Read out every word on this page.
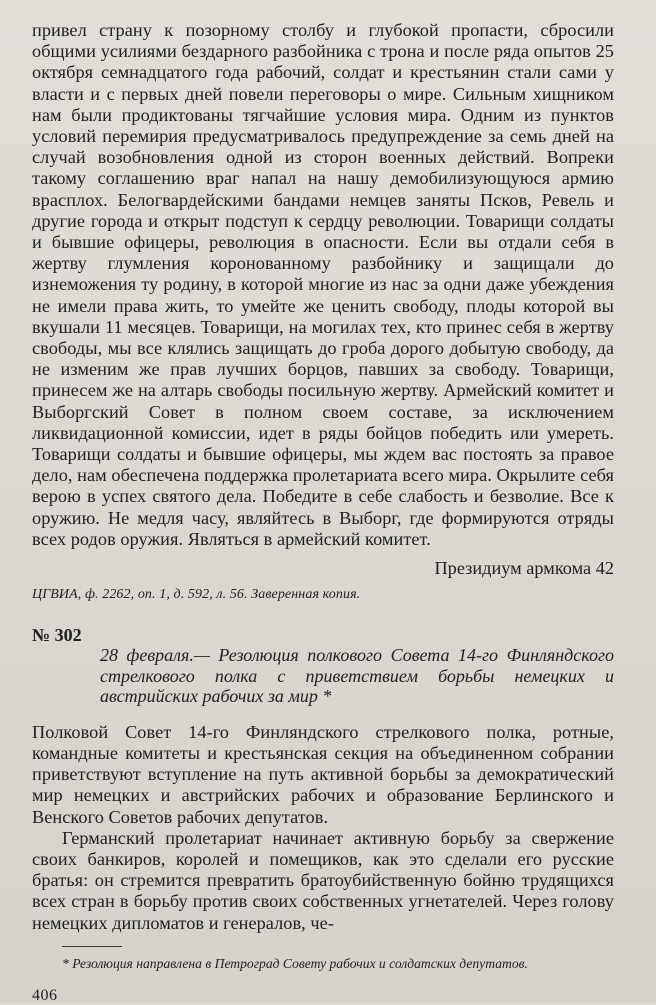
привел страну к позорному столбу и глубокой пропасти, сбросили общими усилиями бездарного разбойника с трона и после ряда опытов 25 октября семнадцатого года рабочий, солдат и крестьянин стали сами у власти и с первых дней повели переговоры о мире. Сильным хищником нам были продиктованы тягчайшие условия мира. Одним из пунктов условий перемирия предусматривалось предупреждение за семь дней на случай возобновления одной из сторон военных действий. Вопреки такому соглашению враг напал на нашу демобилизующуюся армию врасплох. Белогвардейскими бандами немцев заняты Псков, Ревель и другие города и открыт подступ к сердцу революции. Товарищи солдаты и бывшие офицеры, революция в опасности. Если вы отдали себя в жертву глумления коронованному разбойнику и защищали до изнеможения ту родину, в которой многие из нас за одни даже убеждения не имели права жить, то умейте же ценить свободу, плоды которой вы вкушали 11 месяцев. Товарищи, на могилах тех, кто принес себя в жертву свободы, мы все клялись защищать до гроба дорого добытую свободу, да не изменим же прав лучших борцов, павших за свободу. Товарищи, принесем же на алтарь свободы посильную жертву. Армейский комитет и Выборгский Совет в полном своем составе, за исключением ликвидационной комиссии, идет в ряды бойцов победить или умереть. Товарищи солдаты и бывшие офицеры, мы ждем вас постоять за правое дело, нам обеспечена поддержка пролетариата всего мира. Окрылите себя верою в успех святого дела. Победите в себе слабость и безволие. Все к оружию. Не медля часу, являйтесь в Выборг, где формируются отряды всех родов оружия. Являться в армейский комитет.

Президиум армкома 42

ЦГВИА, ф. 2262, оп. 1, д. 592, л. 56. Заверенная копия.

№ 302

28 февраля.— Резолюция полкового Совета 14-го Финляндского стрелкового полка с приветствием борьбы немецких и австрийских рабочих за мир *

Полковой Совет 14-го Финляндского стрелкового полка, ротные, командные комитеты и крестьянская секция на объединенном собрании приветствуют вступление на путь активной борьбы за демократический мир немецких и австрийских рабочих и образование Берлинского и Венского Советов рабочих депутатов.

Германский пролетариат начинает активную борьбу за свержение своих банкиров, королей и помещиков, как это сделали его русские братья: он стремится превратить братоубийственную бойню трудящихся всех стран в борьбу против своих собственных угнетателей. Через голову немецких дипломатов и генералов, че-

* Резолюция направлена в Петроград Совету рабочих и солдатских депутатов.

406
